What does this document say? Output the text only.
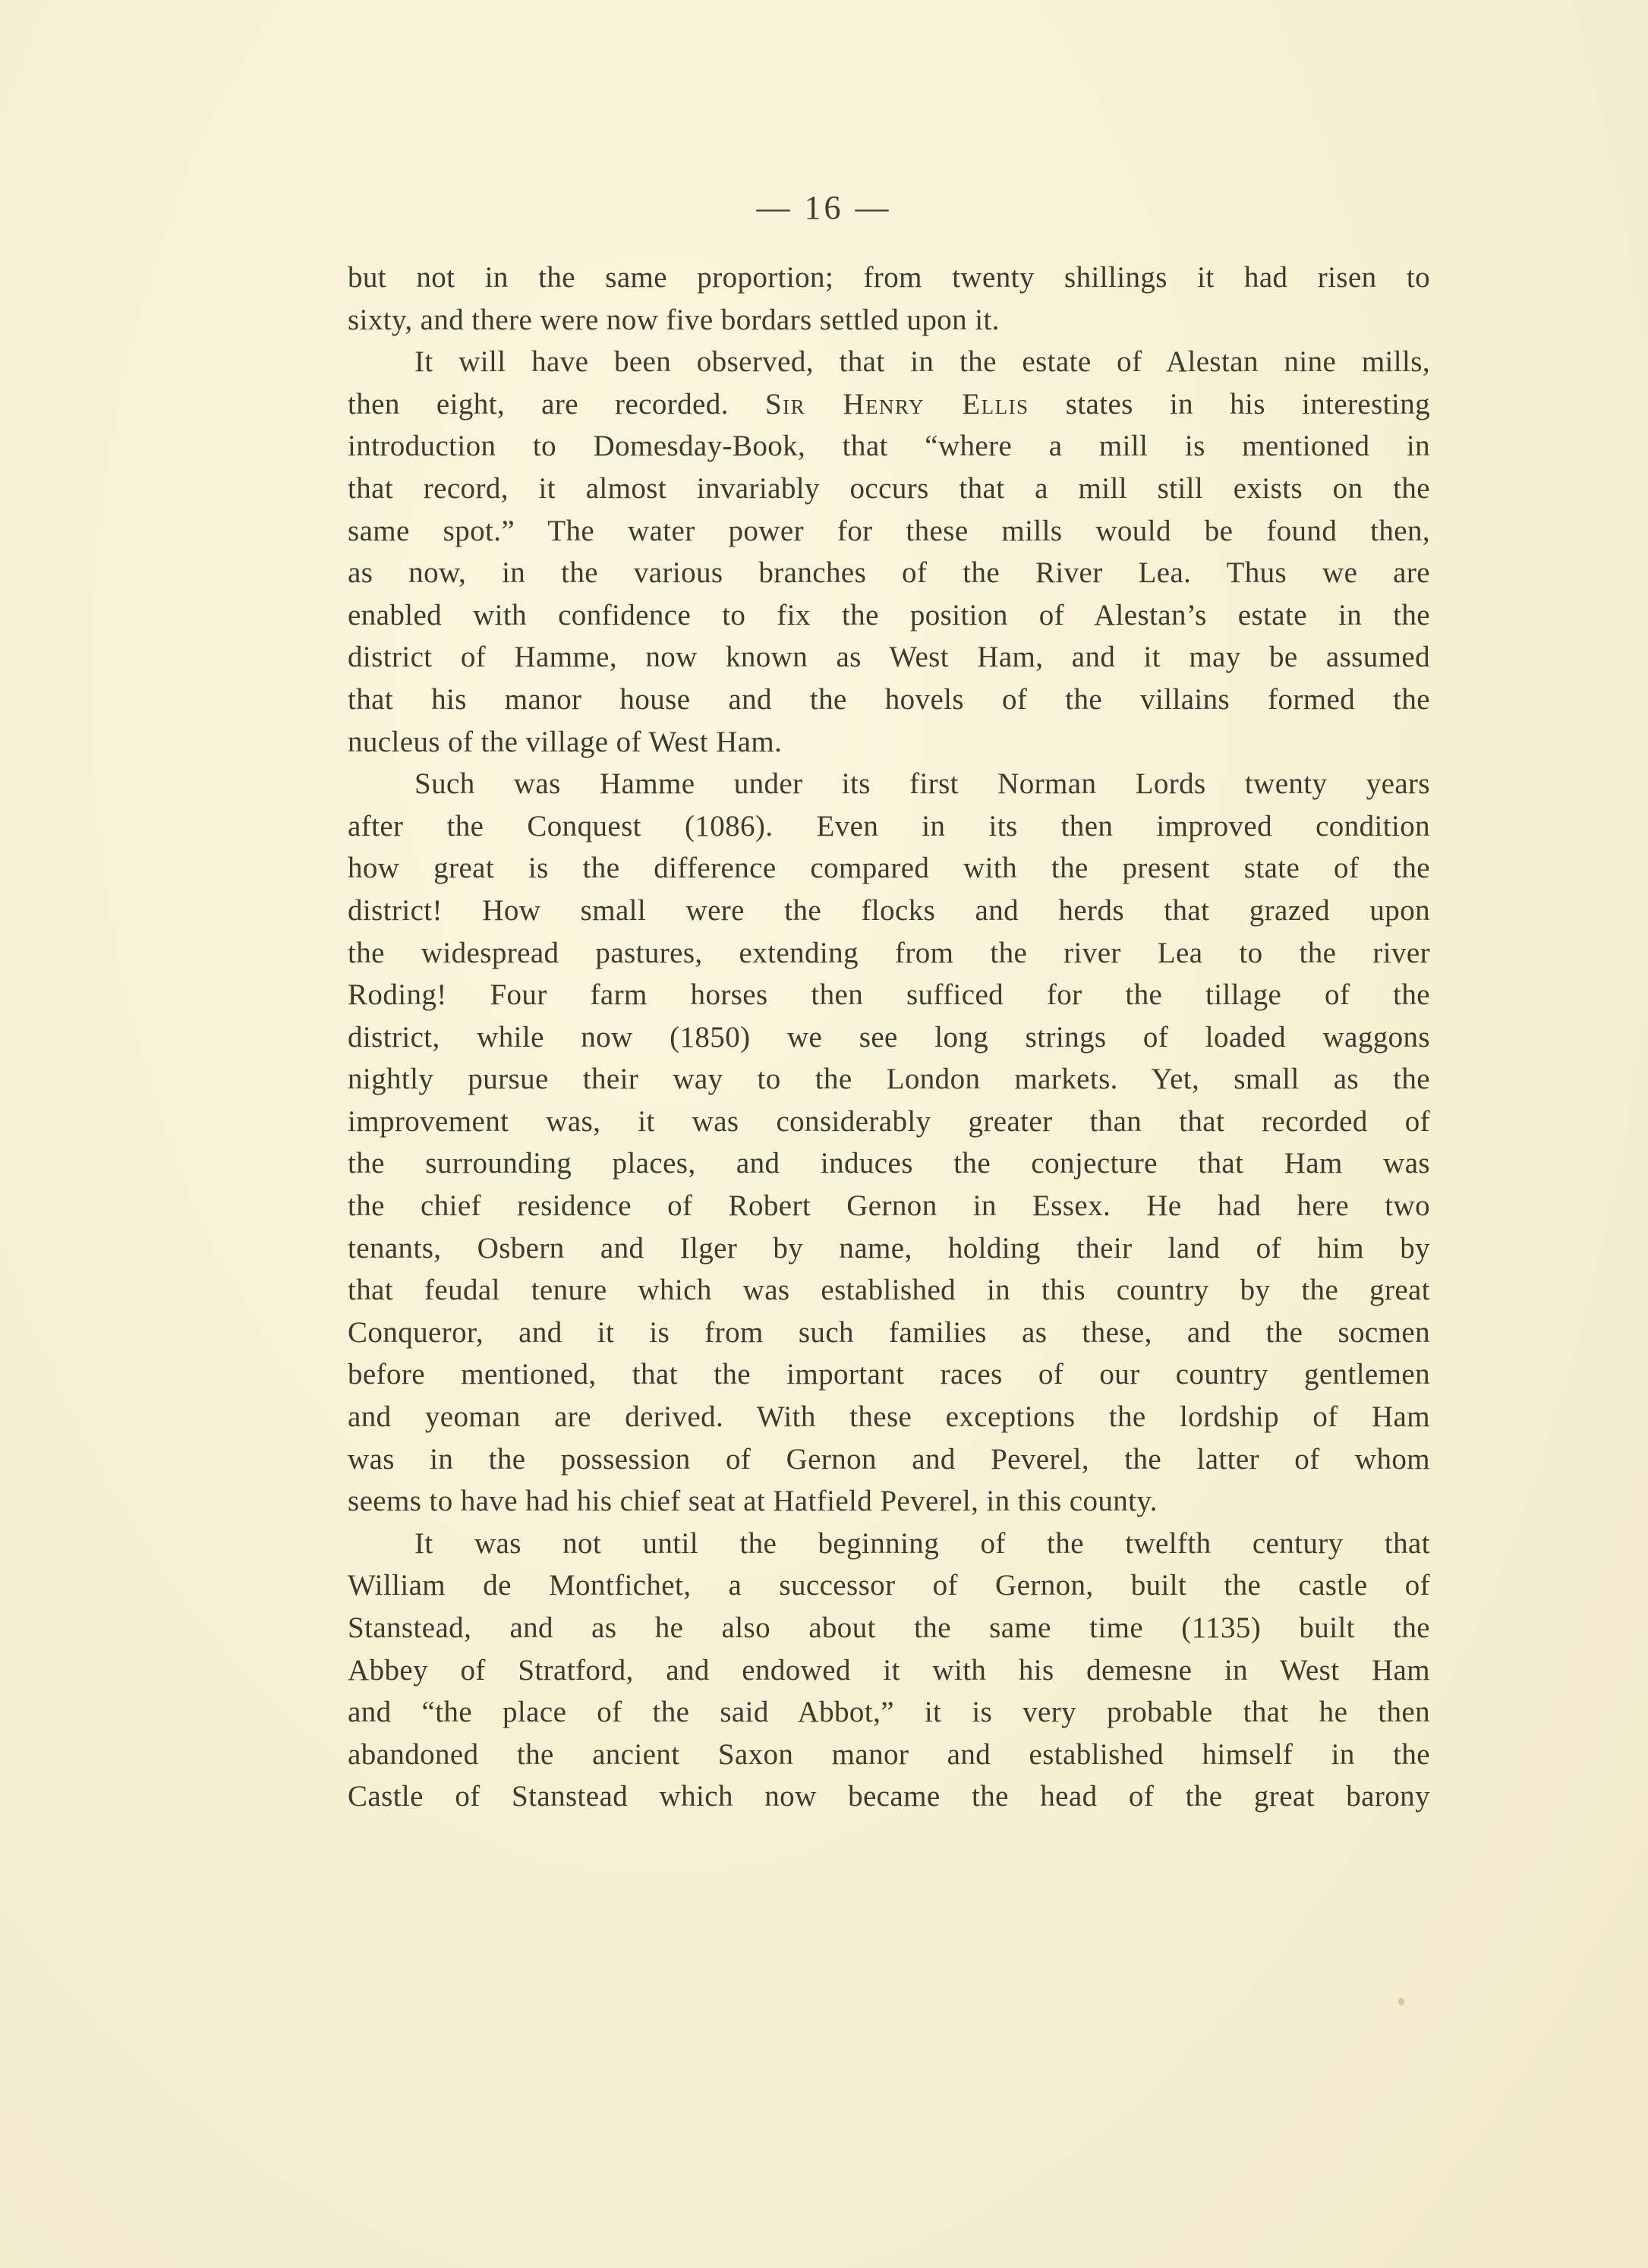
— 16 —
but not in the same proportion; from twenty shillings it had risen to
sixty, and there were now five bordars settled upon it.
It will have been observed, that in the estate of Alestan nine mills,
then eight, are recorded. Sir Henry Ellis states in his interesting
introduction to Domesday-Book, that “where a mill is mentioned in
that record, it almost invariably occurs that a mill still exists on the
same spot.” The water power for these mills would be found then,
as now, in the various branches of the River Lea. Thus we are
enabled with confidence to fix the position of Alestan’s estate in the
district of Hamme, now known as West Ham, and it may be assumed
that his manor house and the hovels of the villains formed the
nucleus of the village of West Ham.
Such was Hamme under its first Norman Lords twenty years
after the Conquest (1086). Even in its then improved condition
how great is the difference compared with the present state of the
district! How small were the flocks and herds that grazed upon
the widespread pastures, extending from the river Lea to the river
Roding! Four farm horses then sufficed for the tillage of the
district, while now (1850) we see long strings of loaded waggons
nightly pursue their way to the London markets. Yet, small as the
improvement was, it was considerably greater than that recorded of
the surrounding places, and induces the conjecture that Ham was
the chief residence of Robert Gernon in Essex. He had here two
tenants, Osbern and Ilger by name, holding their land of him by
that feudal tenure which was established in this country by the great
Conqueror, and it is from such families as these, and the socmen
before mentioned, that the important races of our country gentlemen
and yeoman are derived. With these exceptions the lordship of Ham
was in the possession of Gernon and Peverel, the latter of whom
seems to have had his chief seat at Hatfield Peverel, in this county.
It was not until the beginning of the twelfth century that
William de Montfichet, a successor of Gernon, built the castle of
Stanstead, and as he also about the same time (1135) built the
Abbey of Stratford, and endowed it with his demesne in West Ham
and “the place of the said Abbot,” it is very probable that he then
abandoned the ancient Saxon manor and established himself in the
Castle of Stanstead which now became the head of the great barony
